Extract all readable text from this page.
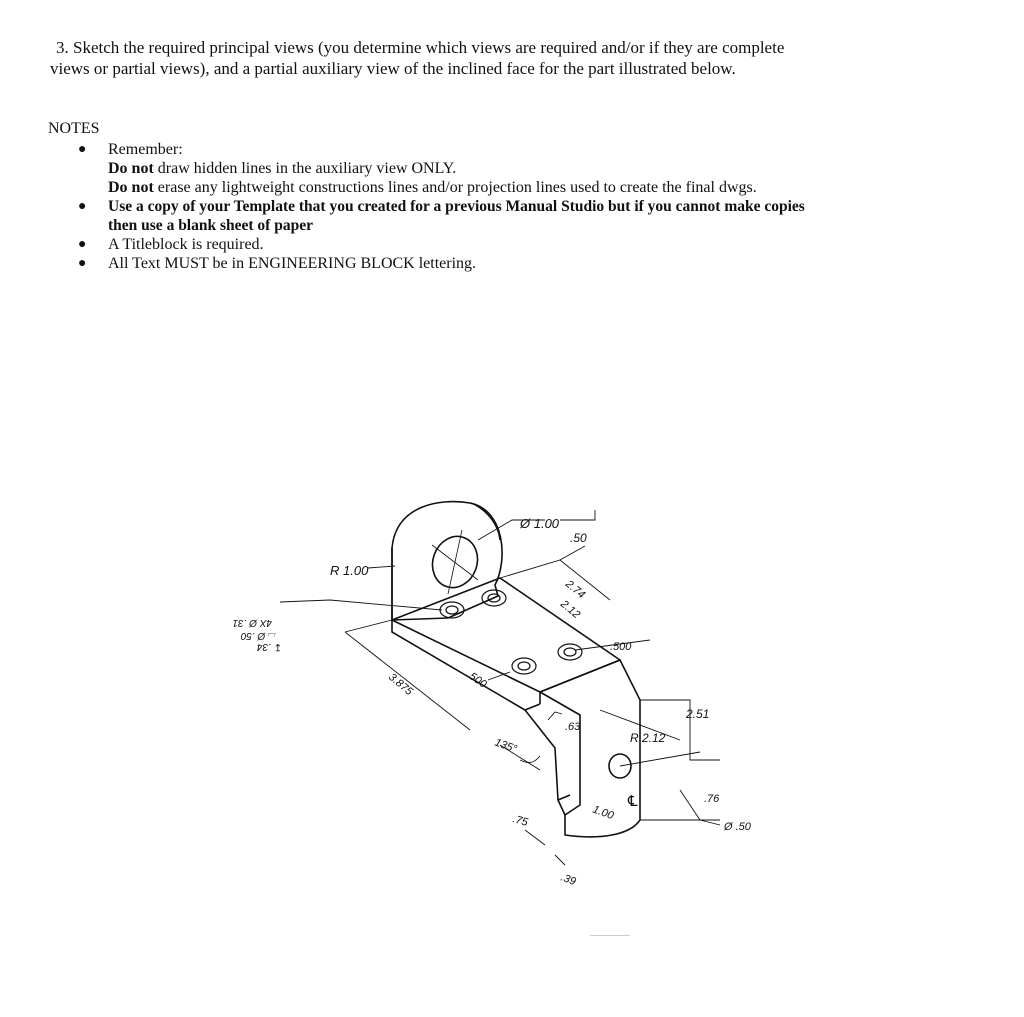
3. Sketch the required principal views (you determine which views are required and/or if they are complete
views or partial views), and a partial auxiliary view of the inclined face for the part illustrated below.
NOTES
● Remember:
Do not draw hidden lines in the auxiliary view ONLY.
Do not erase any lightweight constructions lines and/or projection lines used to create the final dwgs.
● Use a copy of your Template that you created for a previous Manual Studio but if you cannot make copies
then use a blank sheet of paper
● A Titleblock is required.
● All Text MUST be in ENGINEERING BLOCK lettering.
Ø 1.00
.50
R 1.00
2.74
2.12
.500
.500
3.875
4X Ø .31
⌴ Ø .50
↧ .34
135°
.63
R 2.12
2.51
.75	1.00
℄	.76
Ø .50
.39
